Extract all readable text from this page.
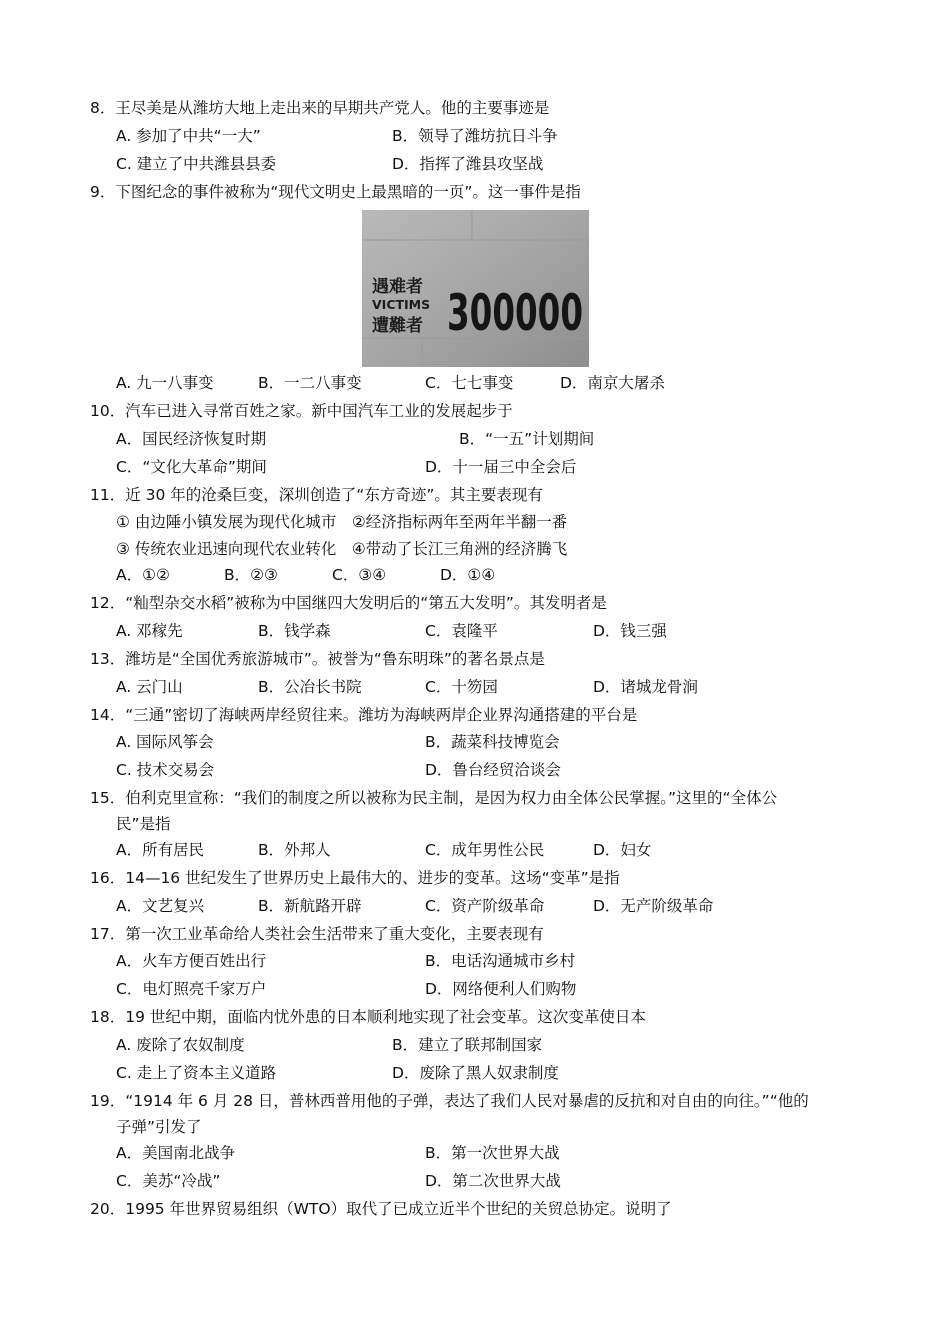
8．王尽美是从潍坊大地上走出来的早期共产党人。他的主要事迹是
A. 参加了中共“一大”	B．领导了潍坊抗日斗争
C. 建立了中共潍县县委	D．指挥了潍县攻坚战
9．下图纪念的事件被称为“现代文明史上最黑暗的一页”。这一事件是指
遇难者
VICTIMS
遭難者 300000
A. 九一八事变	B．一二八事变	C．七七事变	D．南京大屠杀
10．汽车已进入寻常百姓之家。新中国汽车工业的发展起步于
A．国民经济恢复时期	B．“一五”计划期间
C．“文化大革命”期间	D．十一届三中全会后
11．近 30 年的沧桑巨变，深圳创造了“东方奇迹”。其主要表现有
① 由边陲小镇发展为现代化城市　②经济指标两年至两年半翻一番
③ 传统农业迅速向现代农业转化　④带动了长江三角洲的经济腾飞
A．①②	B．②③	C．③④	D．①④
12．“籼型杂交水稻”被称为中国继四大发明后的“第五大发明”。其发明者是
A. 邓稼先	B．钱学森	C．袁隆平	D．钱三强
13．潍坊是“全国优秀旅游城市”。被誉为“鲁东明珠”的著名景点是
A. 云门山	B．公冶长书院	C．十笏园	D．诸城龙骨涧
14．“三通”密切了海峡两岸经贸往来。潍坊为海峡两岸企业界沟通搭建的平台是
A. 国际风筝会	B．蔬菜科技博览会
C. 技术交易会	D．鲁台经贸洽谈会
15．伯利克里宣称：“我们的制度之所以被称为民主制，是因为权力由全体公民掌握。”这里的“全体公
民”是指
A．所有居民	B．外邦人	C．成年男性公民	D．妇女
16．14—16 世纪发生了世界历史上最伟大的、进步的变革。这场“变革”是指
A．文艺复兴	B．新航路开辟	C．资产阶级革命	D．无产阶级革命
17．第一次工业革命给人类社会生活带来了重大变化，主要表现有
A．火车方便百姓出行	B．电话沟通城市乡村
C．电灯照亮千家万户	D．网络便利人们购物
18．19 世纪中期，面临内忧外患的日本顺利地实现了社会变革。这次变革使日本
A. 废除了农奴制度	B．建立了联邦制国家
C. 走上了资本主义道路	D．废除了黑人奴隶制度
19．“1914 年 6 月 28 日，普林西普用他的子弹，表达了我们人民对暴虐的反抗和对自由的向往。”“他的
子弹”引发了
A．美国南北战争	B．第一次世界大战
C．美苏“冷战”	D．第二次世界大战
20．1995 年世界贸易组织（WTO）取代了已成立近半个世纪的关贸总协定。说明了
